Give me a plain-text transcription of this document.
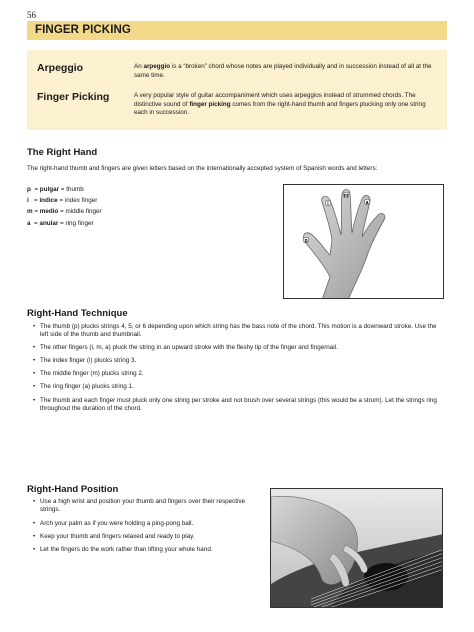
56
FINGER PICKING
Arpeggio	An arpeggio is a “broken” chord whose notes are played individually and in succession instead of all at the same time.
Finger Picking	A very popular style of guitar accompaniment which uses arpeggios instead of strummed chords. The distinctive sound of finger picking comes from the right-hand thumb and fingers plucking only one string each in succession.
The Right Hand
The right-hand thumb and fingers are given letters based on the internationally accepted system of Spanish words and letters:
p  = pulgar = thumb
i   = indice = index finger
m = medio = middle finger
a  = anular = ring finger
p
i
m
a
Right-Hand Technique
• The thumb (p) plucks strings 4, 5, or 6 depending upon which string has the bass note of the chord. This motion is a downward stroke. Use the left side of the thumb and thumbnail.
• The other fingers (i, m, a) pluck the string in an upward stroke with the fleshy tip of the finger and fingernail.
• The index finger (i) plucks string 3.
• The middle finger (m) plucks string 2.
• The ring finger (a) plucks string 1.
• The thumb and each finger must pluck only one string per stroke and not brush over several strings (this would be a strum). Let the strings ring throughout the duration of the chord.
Right-Hand Position
• Use a high wrist and position your thumb and fingers over their respective strings.
• Arch your palm as if you were holding a ping-pong ball.
• Keep your thumb and fingers relaxed and ready to play.
• Let the fingers do the work rather than lifting your whole hand.
